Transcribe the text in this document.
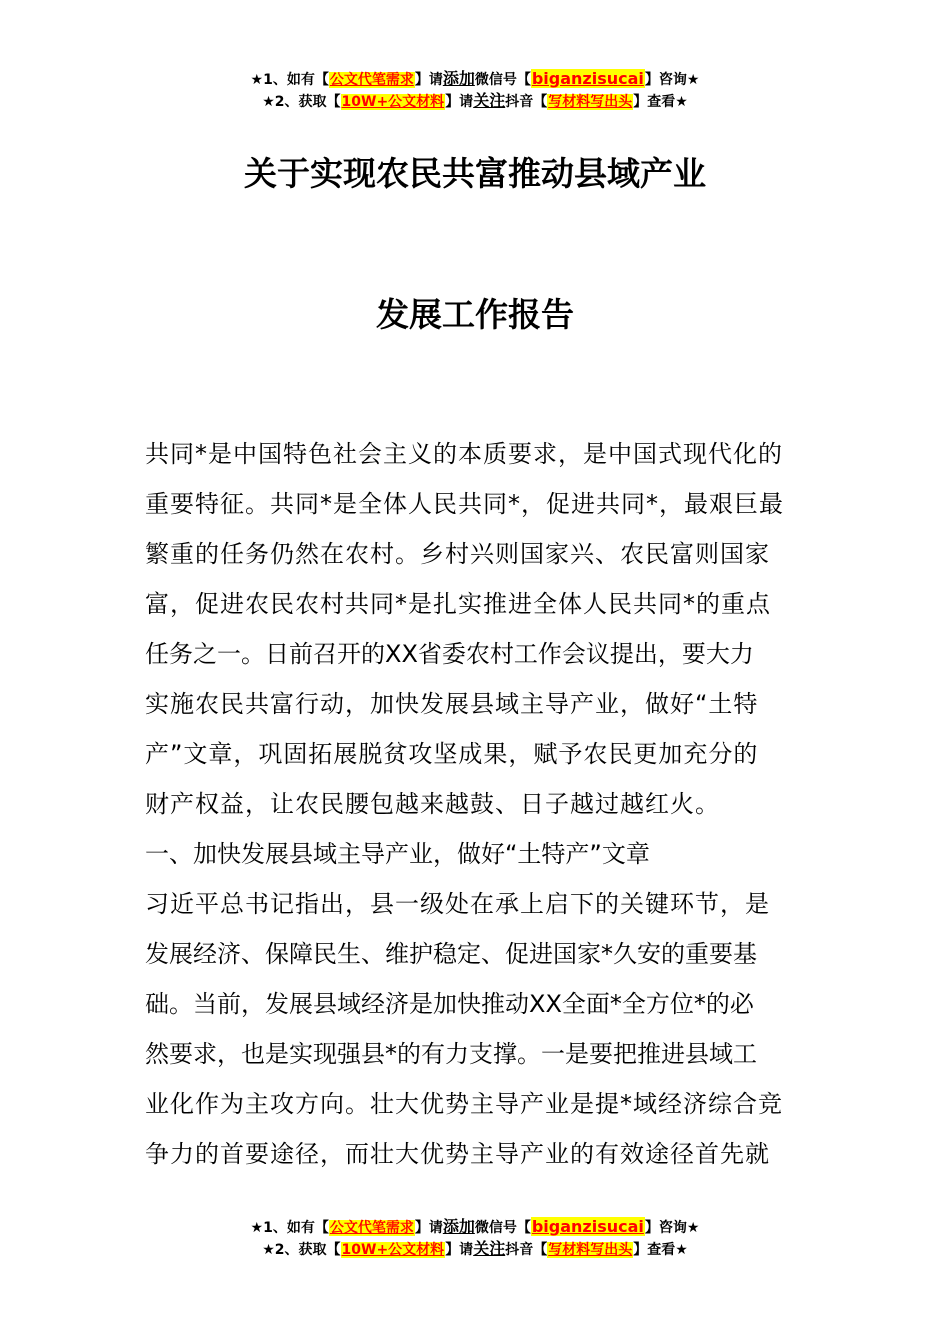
★1、如有【公文代笔需求】请添加微信号【biganzisucai】咨询★
★2、获取【10W+公文材料】请关注抖音【写材料写出头】查看★
关于实现农民共富推动县域产业
发展工作报告

共同*是中国特色社会主义的本质要求，是中国式现代化的

重要特征。共同*是全体人民共同*，促进共同*，最艰巨最

繁重的任务仍然在农村。乡村兴则国家兴、农民富则国家

富，促进农民农村共同*是扎实推进全体人民共同*的重点

任务之一。日前召开的XX省委农村工作会议提出，要大力

实施农民共富行动，加快发展县域主导产业，做好“土特

产”文章，巩固拓展脱贫攻坚成果，赋予农民更加充分的

财产权益，让农民腰包越来越鼓、日子越过越红火。

一、加快发展县域主导产业，做好“土特产”文章

习近平总书记指出，县一级处在承上启下的关键环节，是

发展经济、保障民生、维护稳定、促进国家*久安的重要基

础。当前，发展县域经济是加快推动XX全面*全方位*的必

然要求，也是实现强县*的有力支撑。一是要把推进县域工

业化作为主攻方向。壮大优势主导产业是提*域经济综合竞

争力的首要途径，而壮大优势主导产业的有效途径首先就

★1、如有【公文代笔需求】请添加微信号【biganzisucai】咨询★
★2、获取【10W+公文材料】请关注抖音【写材料写出头】查看★
